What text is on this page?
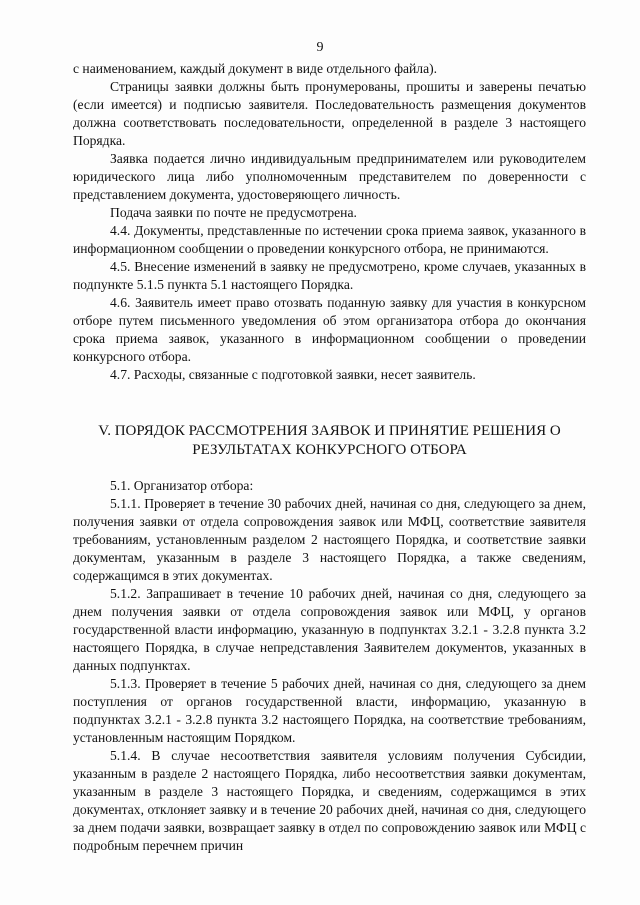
9

с наименованием, каждый документ в виде отдельного файла).

Страницы заявки должны быть пронумерованы, прошиты и заверены печатью (если имеется) и подписью заявителя. Последовательность размещения документов должна соответствовать последовательности, определенной в разделе 3 настоящего Порядка.

Заявка подается лично индивидуальным предпринимателем или руководителем юридического лица либо уполномоченным представителем по доверенности с представлением документа, удостоверяющего личность.

Подача заявки по почте не предусмотрена.

4.4. Документы, представленные по истечении срока приема заявок, указанного в информационном сообщении о проведении конкурсного отбора, не принимаются.

4.5. Внесение изменений в заявку не предусмотрено, кроме случаев, указанных в подпункте 5.1.5 пункта 5.1 настоящего Порядка.

4.6. Заявитель имеет право отозвать поданную заявку для участия в конкурсном отборе путем письменного уведомления об этом организатора отбора до окончания срока приема заявок, указанного в информационном сообщении о проведении конкурсного отбора.

4.7. Расходы, связанные с подготовкой заявки, несет заявитель.

V. ПОРЯДОК РАССМОТРЕНИЯ ЗАЯВОК И ПРИНЯТИЕ РЕШЕНИЯ О РЕЗУЛЬТАТАХ КОНКУРСНОГО ОТБОРА

5.1. Организатор отбора:

5.1.1. Проверяет в течение 30 рабочих дней, начиная со дня, следующего за днем, получения заявки от отдела сопровождения заявок или МФЦ, соответствие заявителя требованиям, установленным разделом 2 настоящего Порядка, и соответствие заявки документам, указанным в разделе 3 настоящего Порядка, а также сведениям, содержащимся в этих документах.

5.1.2. Запрашивает в течение 10 рабочих дней, начиная со дня, следующего за днем получения заявки от отдела сопровождения заявок или МФЦ, у органов государственной власти информацию, указанную в подпунктах 3.2.1 - 3.2.8 пункта 3.2 настоящего Порядка, в случае непредставления Заявителем документов, указанных в данных подпунктах.

5.1.3. Проверяет в течение 5 рабочих дней, начиная со дня, следующего за днем поступления от органов государственной власти, информацию, указанную в подпунктах 3.2.1 - 3.2.8 пункта 3.2 настоящего Порядка, на соответствие требованиям, установленным настоящим Порядком.

5.1.4. В случае несоответствия заявителя условиям получения Субсидии, указанным в разделе 2 настоящего Порядка, либо несоответствия заявки документам, указанным в разделе 3 настоящего Порядка, и сведениям, содержащимся в этих документах, отклоняет заявку и в течение 20 рабочих дней, начиная со дня, следующего за днем подачи заявки, возвращает заявку в отдел по сопровождению заявок или МФЦ с подробным перечнем причин
